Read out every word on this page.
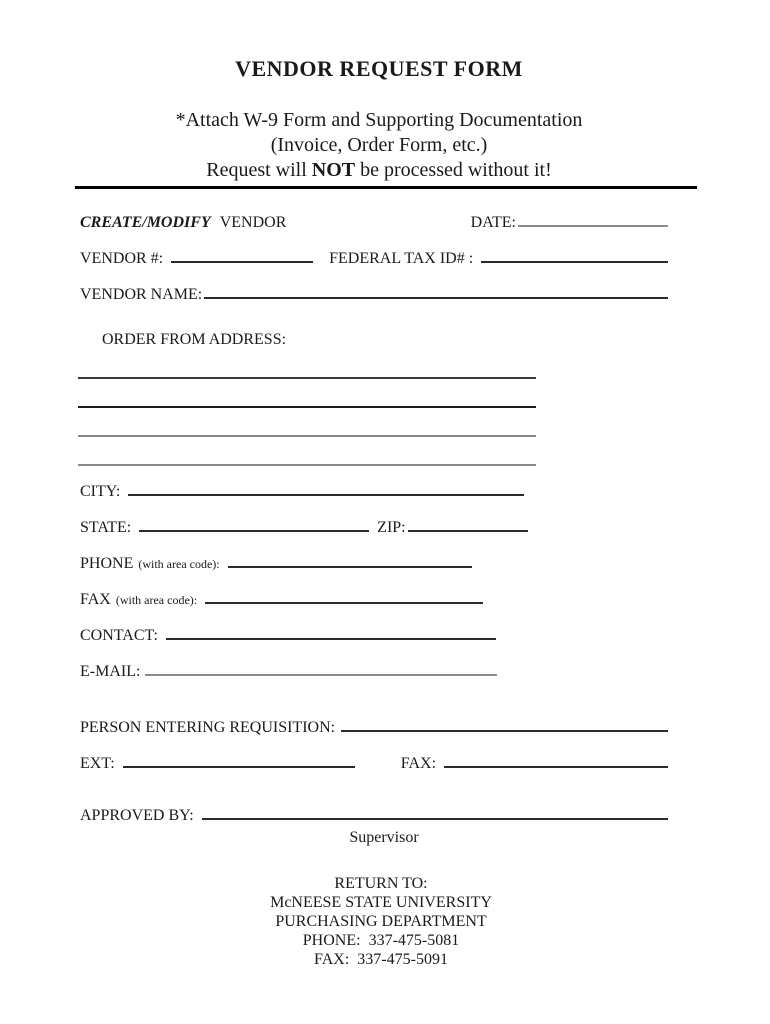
VENDOR REQUEST FORM

*Attach W-9 Form and Supporting Documentation

(Invoice, Order Form, etc.)

Request will NOT be processed without it!

CREATE/MODIFY VENDOR	DATE:
VENDOR #:	FEDERAL TAX ID# :
VENDOR NAME:
ORDER FROM ADDRESS:
CITY:
STATE:	ZIP:
PHONE (with area code):
FAX (with area code):
CONTACT:
E-MAIL:
PERSON ENTERING REQUISITION:
EXT:	FAX:
APPROVED BY:
Supervisor

RETURN TO:

McNEESE STATE UNIVERSITY

PURCHASING DEPARTMENT

PHONE:  337-475-5081

FAX:  337-475-5091
